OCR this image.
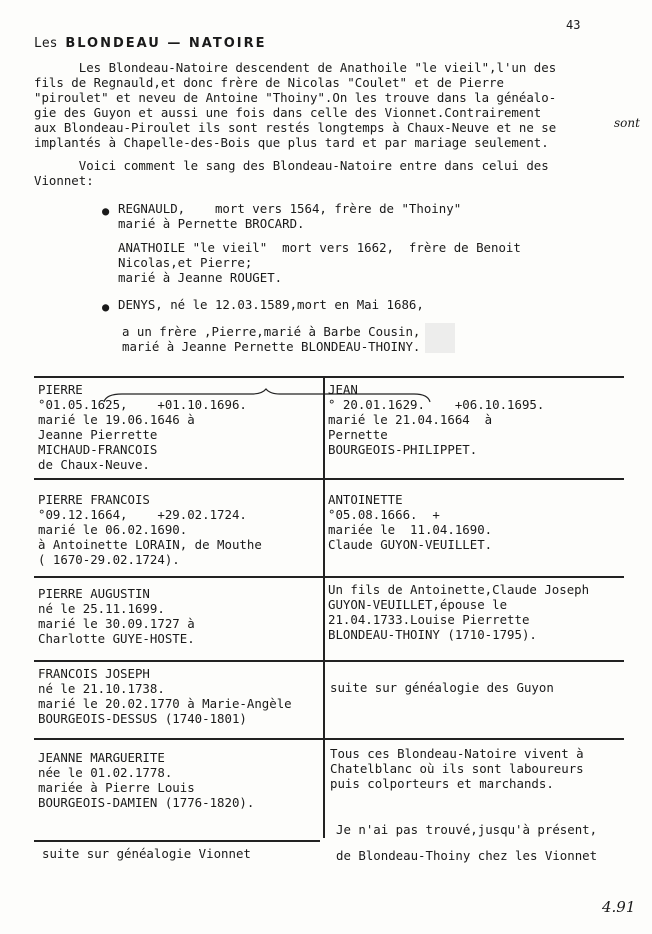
43
Les BLONDEAU — NATOIRE
Les Blondeau-Natoire descendent de Anathoile "le vieil",l'un des
fils de Regnauld,et donc frère de Nicolas "Coulet" et de Pierre
"piroulet" et neveu de Antoine "Thoiny".On les trouve dans la généalo-
gie des Guyon et aussi une fois dans celle des Vionnet.Contrairement
aux Blondeau-Piroulet ils sont restés longtemps à Chaux-Neuve et ne se	sont
implantés à Chapelle-des-Bois que plus tard et par mariage seulement.
Voici comment le sang des Blondeau-Natoire entre dans celui des
Vionnet:
● REGNAULD,    mort vers 1564, frère de "Thoiny"
marié à Pernette BROCARD.
ANATHOILE "le vieil"  mort vers 1662,  frère de Benoit
Nicolas,et Pierre;
marié à Jeanne ROUGET.
● DENYS, né le 12.03.1589,mort en Mai 1686,
a un frère ,Pierre,marié à Barbe Cousin,
marié à Jeanne Pernette BLONDEAU-THOINY.

PIERRE
°01.05.1625,    +01.10.1696.
marié le 19.06.1646 à
Jeanne Pierrette
MICHAUD-FRANCOIS
de Chaux-Neuve.
JEAN
° 20.01.1629.    +06.10.1695.
marié le 21.04.1664  à
Pernette
BOURGEOIS-PHILIPPET.
PIERRE FRANCOIS
°09.12.1664,    +29.02.1724.
marié le 06.02.1690.
à Antoinette LORAIN, de Mouthe
( 1670-29.02.1724).
ANTOINETTE
°05.08.1666.  +
mariée le  11.04.1690.
Claude GUYON-VEUILLET.
PIERRE AUGUSTIN
né le 25.11.1699.
marié le 30.09.1727 à
Charlotte GUYE-HOSTE.
Un fils de Antoinette,Claude Joseph
GUYON-VEUILLET,épouse le
21.04.1733.Louise Pierrette
BLONDEAU-THOINY (1710-1795).
FRANCOIS JOSEPH
né le 21.10.1738.
marié le 20.02.1770 à Marie-Angèle
BOURGEOIS-DESSUS (1740-1801)
suite sur généalogie des Guyon
JEANNE MARGUERITE
née le 01.02.1778.
mariée à Pierre Louis
BOURGEOIS-DAMIEN (1776-1820).
Tous ces Blondeau-Natoire vivent à
Chatelblanc où ils sont laboureurs
puis colporteurs et marchands.
Je n'ai pas trouvé,jusqu'à présent,
suite sur généalogie Vionnet	de Blondeau-Thoiny chez les Vionnet
4.91
